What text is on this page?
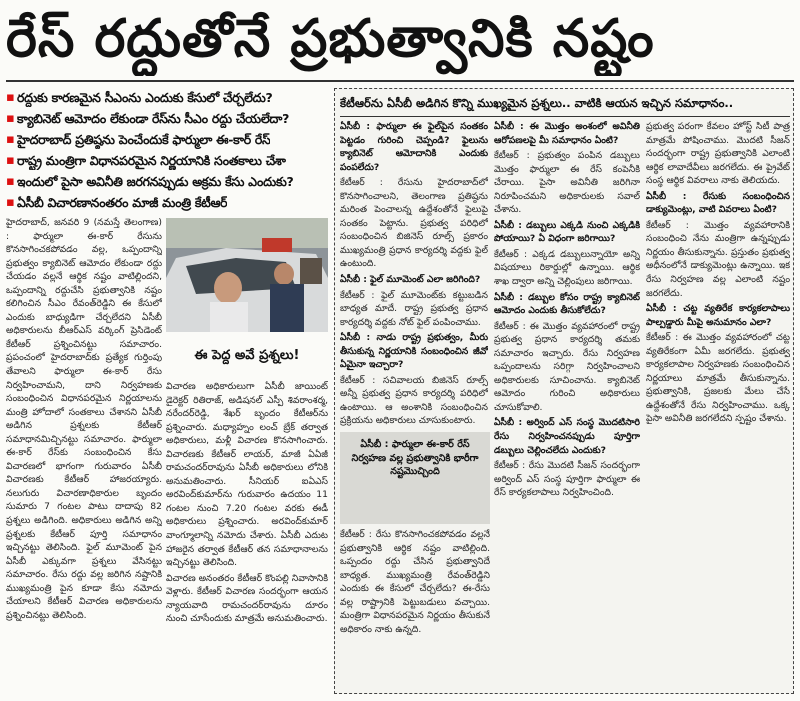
రేస్ రద్దుతోనే ప్రభుత్వానికి నష్టం
▪ రద్దుకు కారణమైన సీఎంను ఎందుకు కేసులో చేర్చలేదు?
▪ క్యాబినెట్ ఆమోదం లేకుండా రేస్‌ను సీఎం రద్దు చేయలేదా?
▪ హైదరాబాద్ ప్రతిష్ఠను పెంచేందుకే ఫార్ములా ఈ-కార్ రేస్
▪ రాష్ట్ర మంత్రిగా విధానపరమైన నిర్ణయానికి సంతకాలు చేశా
▪ ఇందులో పైసా అవినీతి జరగనప్పుడు అక్రమ కేసు ఎందుకు?
▪ ఏసీబీ విచారణానంతరం మాజీ మంత్రి కేటీఆర్

హైదరాబాద్, జనవరి 9 (నమస్తే తెలంగాణ) : ఫార్ములా ఈ-కార్ రేసును కొనసాగించకపోవడం వల్ల, ఒప్పందాన్ని ప్రభుత్వం క్యాబినెట్ ఆమోదం లేకుండా రద్దు చేయడం వల్లనే ఆర్థిక నష్టం వాటిల్లిందని, ఒప్పందాన్ని రద్దుచేసి ప్రభుత్వానికి నష్టం కలిగించిన సీఎం రేవంత్‌రెడ్డిని ఈ కేసులో ఎందుకు బాధ్యుడిగా చేర్చలేదని ఏసీబీ అధికారులను బీఆర్‌ఎస్ వర్కింగ్ ప్రెసిడెంట్ కేటీఆర్ ప్రశ్నించినట్టు సమాచారం. ప్రపంచంలో హైదరాబాద్‌కు ప్రత్యేక గుర్తింపు తేవాలని ఫార్ములా ఈ-కార్ రేసు నిర్వహించామని, దాని నిర్వహణకు సంబంధించిన విధానపరమైన నిర్ణయాలను మంత్రి హోదాలో సంతకాలు చేశానని ఏసీబీ అడిగిన ప్రశ్నలకు కేటీఆర్ సమాధానమిచ్చినట్టు సమాచారం. ఫార్ములా ఈ-కార్ రేస్‌కు సంబంధించిన కేసు విచారణలో భాగంగా గురువారం ఏసీబీ విచారణకు కేటీఆర్ హాజరయ్యారు. నలుగురు విచారణాధికారుల బృందం సుమారు 7 గంటల పాటు దాదాపు 82 ప్రశ్నలు అడిగింది. అధికారులు అడిగిన అన్ని ప్రశ్నలకు కేటీఆర్ పూర్తి సమాధానం ఇచ్చినట్టు తెలిసింది. ఫైల్ మూమెంట్ పైన ఏసీబీ ఎక్కువగా ప్రశ్నలు వేసినట్టు సమాచారం. రేసు రద్దు వల్ల జరిగిన నష్టానికి ముఖ్యమంత్రి పైన కూడా కేసు నమోదు చేయాలని కేటీఆర్ విచారణ అధికారులను ప్రశ్నించినట్టు తెలిసింది.

ఈ పెద్ద అవే ప్రశ్నలు!

విచారణ అధికారులుగా ఏసీబీ జాయింట్ డైరెక్టర్ రితిరాజ్, అడిషనల్ ఎస్పీ శివరాంశర్మ, నరేందర్‌రెడ్డి, శేఖర్ బృందం కేటీఆర్‌ను ప్రశ్నించారు. మధ్యాహ్నం లంచ్ బ్రేక్ తర్వాత అధికారులు, మళ్లీ విచారణ కొనసాగించారు. విచారణకు కేటీఆర్ లాయర్, మాజీ ఏఏజీ రామచందర్‌రావును ఏసీబీ అధికారులు లోనికి అనుమతించారు. సీనియర్ ఐఏఎస్ అరవింద్‌కుమార్‌ను గురువారం ఉదయం 11 గంటల నుంచి 7.20 గంటల వరకు ఈడీ అధికారులు ప్రశ్నించారు. అరవింద్‌కుమార్ వాంగ్మూలాన్ని నమోదు చేశారు. ఏసీబీ ఎదుట హాజరైన తర్వాత కేటీఆర్ తన సమాధానాలను ఇచ్చినట్టు తెలిసింది.

విచారణ అనంతరం కేటీఆర్ కొంపల్లి నివాసానికి వెళ్లారు. కేటీఆర్ విచారణ సందర్భంగా ఆయన న్యాయవాది రామచందర్‌రావును దూరం నుంచి చూసేందుకు మాత్రమే అనుమతించారు.

కేటీఆర్‌ను ఏసీబీ అడిగిన కొన్ని ముఖ్యమైన ప్రశ్నలు.. వాటికి ఆయన ఇచ్చిన సమాధానం..

ఏసీబీ : ఫార్ములా ఈ ఫైల్‌పైన సంతకం పెట్టడం గురించి చెప్పండి? ఫైలును క్యాబినెట్ ఆమోదానికి ఎందుకు పంపలేదు?

కేటీఆర్ : రేసును హైదరాబాద్‌లో కొనసాగించాలని, తెలంగాణ ప్రతిష్ఠను మరింత పెంచాలన్న ఉద్దేశంతోనే ఫైలుపై సంతకం పెట్టాను. ప్రభుత్వ పరిధిలో సంబంధించిన బిజినెస్ రూల్స్ ప్రకారం ముఖ్యమంత్రి ప్రధాన కార్యదర్శి వద్దకు ఫైల్ ఉంటుంది.

ఏసీబీ : ఫైల్ మూమెంట్ ఎలా జరిగింది?

కేటీఆర్ : ఫైల్ మూమెంట్‌కు కట్టుబడిన బాధ్యత మాదే. రాష్ట్ర ప్రభుత్వ ప్రధాన కార్యదర్శి వద్దకు నోట్ ఫైల్ పంపించాము.

ఏసీబీ : నాడు రాష్ట్ర ప్రభుత్వం, మీరు తీసుకున్న నిర్ణయానికి సంబంధించిన జీవో ఏమైనా ఇచ్చారా?

కేటీఆర్ : సచివాలయ బిజినెస్ రూల్స్ అన్నీ ప్రభుత్వ ప్రధాన కార్యదర్శి పరిధిలో ఉంటాయి. ఆ అంశానికి సంబంధించిన ప్రక్రియను అధికారులు చూసుకుంటారు.

ఏసీబీ : ఫార్ములా ఈ-కార్ రేస్ నిర్వహణ వల్ల ప్రభుత్వానికి భారీగా నష్టమొచ్చింది

కేటీఆర్ : రేసు కొనసాగించకపోవడం వల్లనే ప్రభుత్వానికి ఆర్థిక నష్టం వాటిల్లింది. ఒప్పందం రద్దు చేసిన ప్రభుత్వానిదే బాధ్యత. ముఖ్యమంత్రి రేవంత్‌రెడ్డిని ఎందుకు ఈ కేసులో చేర్చలేదు? ఈ-రేసు వల్ల రాష్ట్రానికి పెట్టుబడులు వచ్చాయి. మంత్రిగా విధానపరమైన నిర్ణయం తీసుకునే అధికారం నాకు ఉన్నది.

ఏసీబీ : ఈ మొత్తం అంశంలో అవినీతి ఆరోపణలపై మీ సమాధానం ఏంటి?

కేటీఆర్ : ప్రభుత్వం పంపిన డబ్బులు మొత్తం ఫార్ములా ఈ రేస్ కంపెనీకి చేరాయి. పైసా అవినీతి జరిగినా నిరూపించమని అధికారులకు సవాల్ చేశాను.

ఏసీబీ : డబ్బులు ఎక్కడి నుంచి ఎక్కడికి పోయాయి? ఏ విధంగా జరిగాయి?

కేటీఆర్ : ఎక్కడ డబ్బులున్నాయో అన్ని విషయాలు రికార్డుల్లో ఉన్నాయి. ఆర్థిక శాఖ ద్వారా అన్ని చెల్లింపులు జరిగాయి.

ఏసీబీ : డబ్బుల కోసం రాష్ట్ర క్యాబినెట్ ఆమోదం ఎందుకు తీసుకోలేదు?

కేటీఆర్ : ఈ మొత్తం వ్యవహారంలో రాష్ట్ర ప్రభుత్వ ప్రధాన కార్యదర్శి తమకు సమాచారం ఇచ్చారు. రేసు నిర్వహణ ఒప్పందాలను సరిగ్గా నిర్వహించాలని అధికారులకు సూచించాను. క్యాబినెట్ ఆమోదం గురించి అధికారులు చూసుకోవాలి.

ఏసీబీ : అర్వింద్ ఎస్ సంస్థ మొదటిసారి రేసు నిర్వహించనప్పుడు పూర్తిగా డబ్బులు చెల్లించలేదు ఎందుకు?

కేటీఆర్ : రేసు మొదటి సీజన్ సందర్భంగా అర్వింద్ ఎస్ సంస్థ పూర్తిగా ఫార్ములా ఈ రేస్ కార్యకలాపాలు నిర్వహించింది.

ప్రభుత్వ పరంగా కేవలం హోస్ట్ సిటీ పాత్ర మాత్రమే పోషించాము. మొదటి సీజన్ సందర్భంగా రాష్ట్ర ప్రభుత్వానికి ఎలాంటి ఆర్థిక లావాదేవీలు జరగలేదు. ఈ ప్రైవేట్ సంస్థ ఆర్థిక వివరాలు నాకు తెలియదు.

ఏసీబీ : రేసుకు సంబంధించిన డాక్యుమెంట్లు, వాటి వివరాలు ఏంటి?

కేటీఆర్ : మొత్తం వ్యవహారానికి సంబంధించి నేను మంత్రిగా ఉన్నప్పుడు నిర్ణయం తీసుకున్నాను. ప్రస్తుతం ప్రభుత్వ అధీనంలోనే డాక్యుమెంట్లు ఉన్నాయి. ఇక రేసు నిర్వహణ వల్ల ఎలాంటి నష్టం జరగలేదు.

ఏసీబీ : చట్ట వ్యతిరేక కార్యకలాపాలు పాల్పడ్డారు మీపై అనుమానం ఎలా?

కేటీఆర్ : ఈ మొత్తం వ్యవహారంలో చట్ట వ్యతిరేకంగా ఏమీ జరగలేదు. ప్రభుత్వ కార్యకలాపాల నిర్వహణకు సంబంధించిన నిర్ణయాలు మాత్రమే తీసుకున్నాను. ప్రభుత్వానికి, ప్రజలకు మేలు చేసే ఉద్దేశంతోనే రేసు నిర్వహించాము. ఒక్క పైసా అవినీతి జరగలేదని స్పష్టం చేశాను.
